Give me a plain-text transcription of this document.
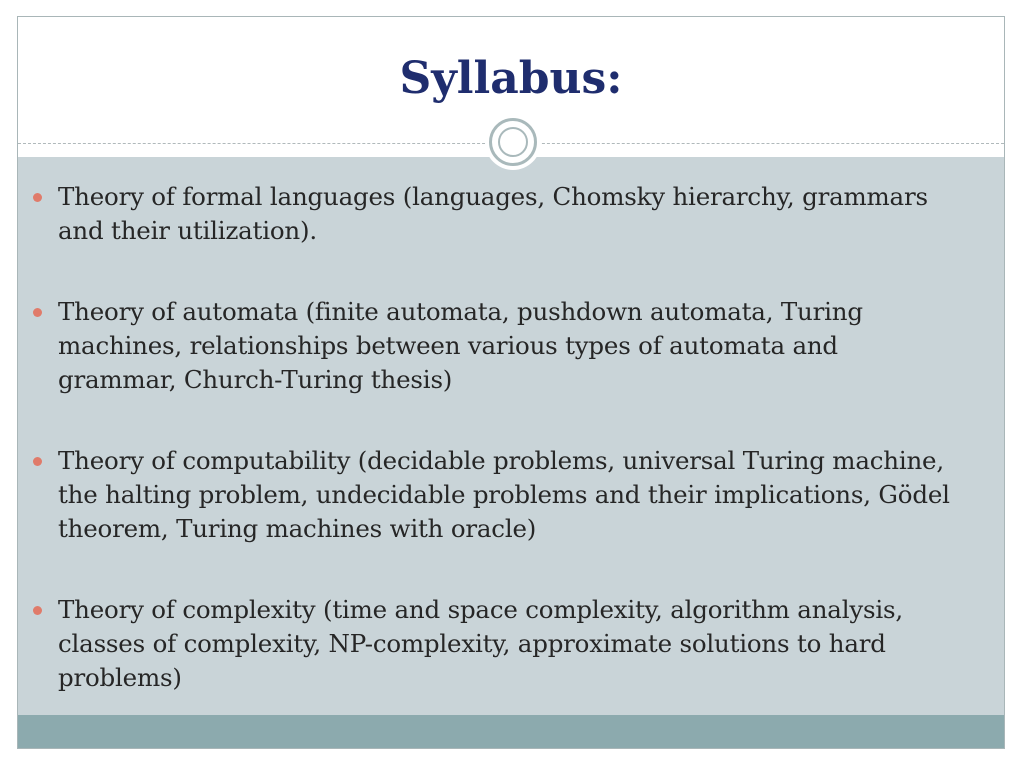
Syllabus:
Theory of formal languages (languages, Chomsky hierarchy, grammars and their utilization).
Theory of automata (finite automata, pushdown automata, Turing machines, relationships between various types of automata and grammar, Church-Turing thesis)
Theory of computability (decidable problems, universal Turing machine, the halting problem, undecidable problems and their implications, Gödel theorem, Turing machines with oracle)
Theory of complexity (time and space complexity, algorithm analysis, classes of complexity, NP-complexity, approximate solutions to hard problems)
